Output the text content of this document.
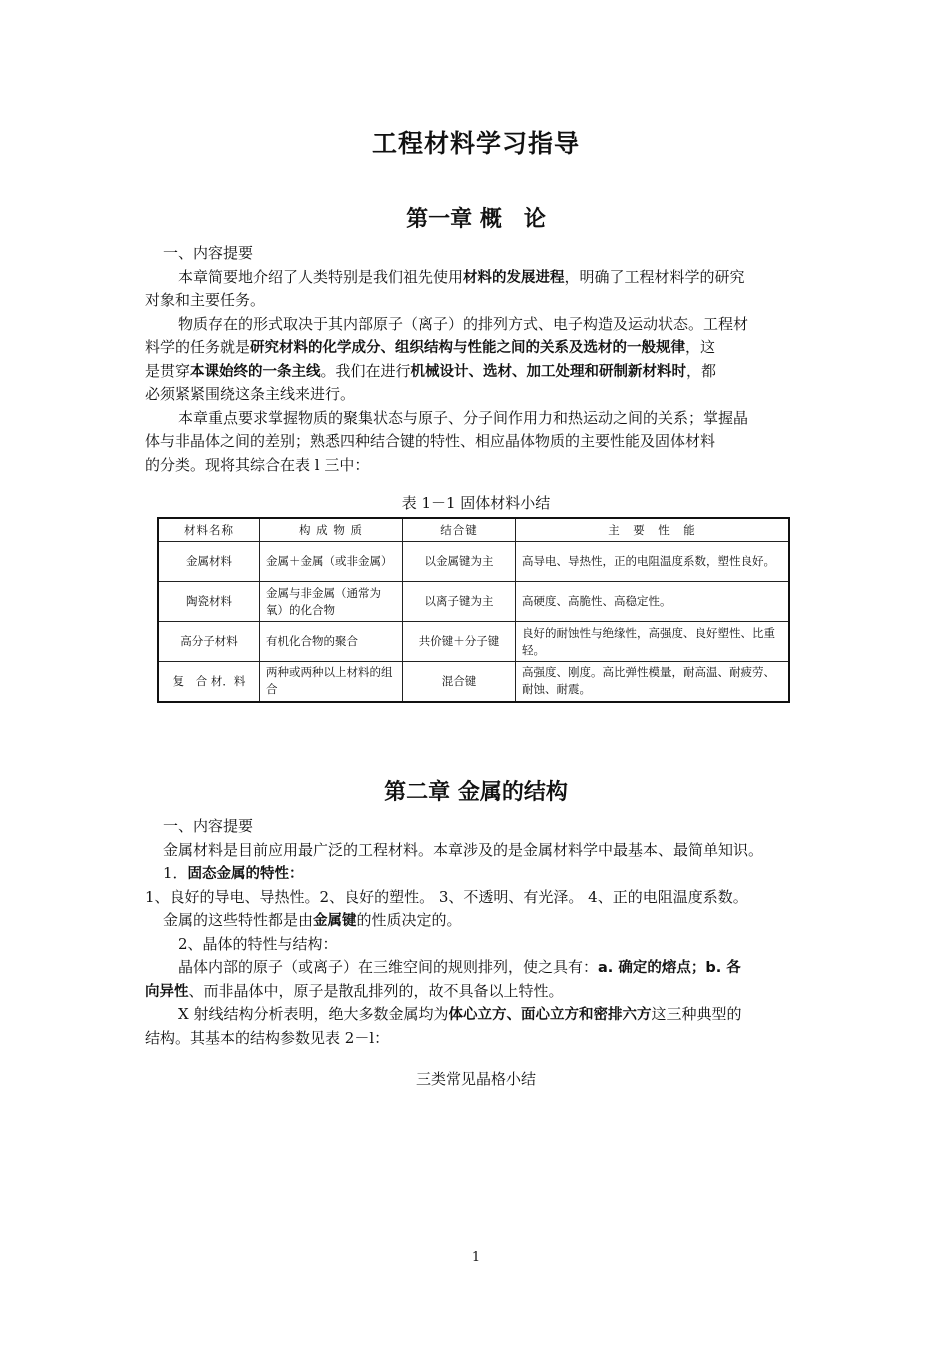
工程材料学习指导
第一章 概　论
一、内容提要
本章简要地介绍了人类特别是我们祖先使用材料的发展进程，明确了工程材料学的研究
对象和主要任务。
物质存在的形式取决于其内部原子（离子）的排列方式、电子构造及运动状态。工程材
料学的任务就是研究材料的化学成分、组织结构与性能之间的关系及选材的一般规律，这
是贯穿本课始终的一条主线。我们在进行机械设计、选材、加工处理和研制新材料时，都
必须紧紧围绕这条主线来进行。
本章重点要求掌握物质的聚集状态与原子、分子间作用力和热运动之间的关系；掌握晶
体与非晶体之间的差别；熟悉四种结合键的特性、相应晶体物质的主要性能及固体材料
的分类。现将其综合在表 l 三中：
表 1－1 固体材料小结
材料名称	构 成 物 质	结合键	主　要　性　能
金属材料	金属＋金属（或非金属）	以金属键为主	高导电、导热性，正的电阻温度系数，塑性良好。
陶瓷材料	金属与非金属（通常为氧）的化合物	以离子键为主	高硬度、高脆性、高稳定性。
高分子材料	有机化合物的聚合	共价键＋分子键	良好的耐蚀性与绝缘性，高强度、良好塑性、比重轻。
复　合 材．料	两种或两种以上材料的组合	混合键	高强度、刚度。高比弹性模量，耐高温、耐疲劳、耐蚀、耐震。
第二章 金属的结构
一、内容提要
金属材料是目前应用最广泛的工程材料。本章涉及的是金属材料学中最基本、最简单知识。
1．固态金属的特性：
1、良好的导电、导热性。2、良好的塑性。 3、不透明、有光泽。 4、正的电阻温度系数。
金属的这些特性都是由金属键的性质决定的。
2、晶体的特性与结构：
晶体内部的原子（或离子）在三维空间的规则排列，使之具有：a. 确定的熔点；b. 各
向异性、而非晶体中，原子是散乱排列的，故不具备以上特性。
X 射线结构分析表明，绝大多数金属均为体心立方、面心立方和密排六方这三种典型的
结构。其基本的结构参数见表 2－l：
三类常见晶格小结
1
